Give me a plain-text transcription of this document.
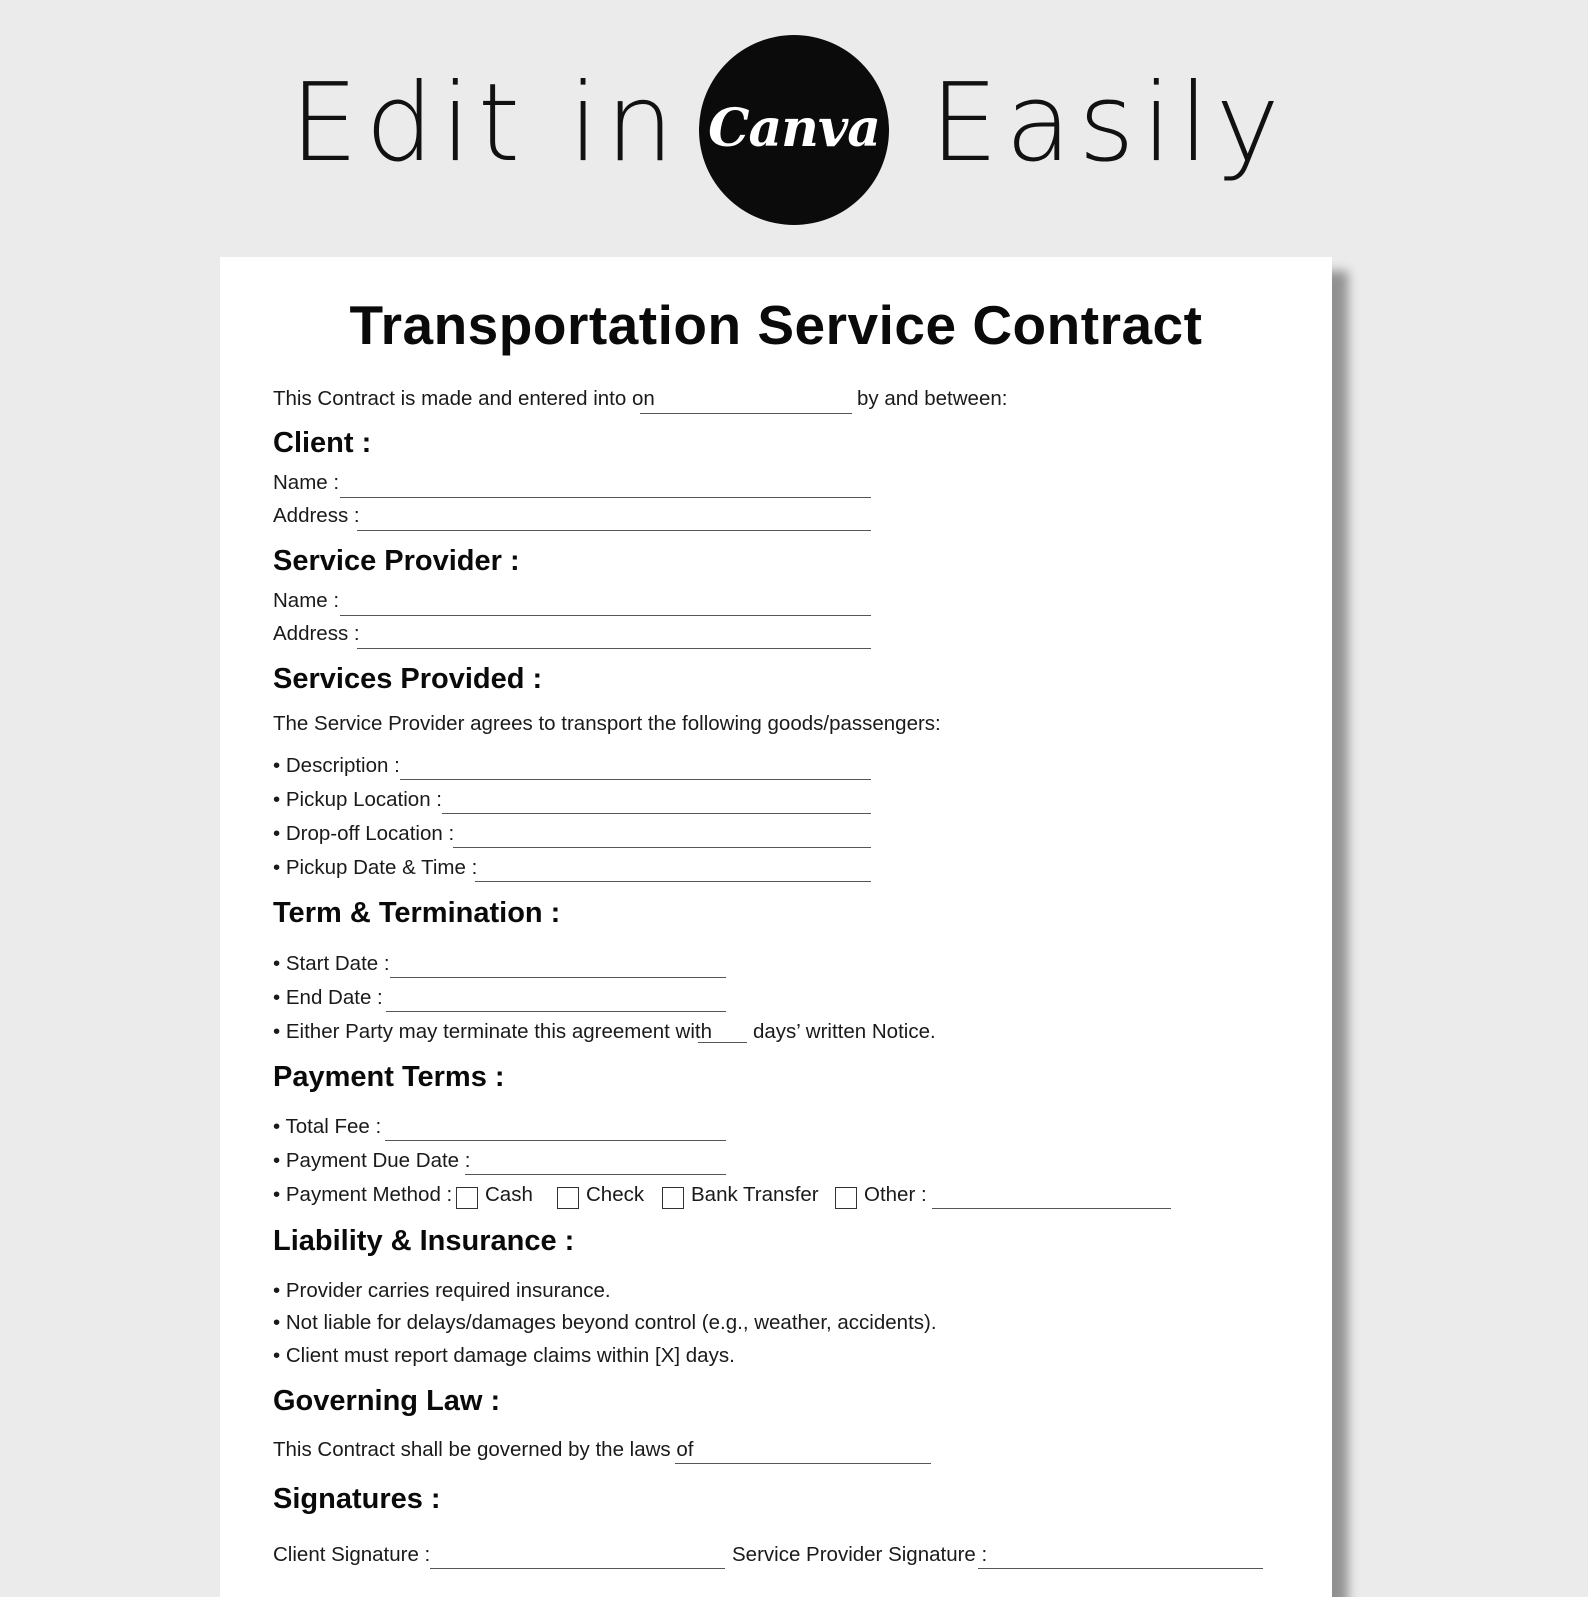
Edit in Canva Easily
Transportation Service Contract
This Contract is made and entered into on	by and between:
Client :
Name :
Address :
Service Provider :
Name :
Address :
Services Provided :
The Service Provider agrees to transport the following goods/passengers:
• Description :
• Pickup Location :
• Drop-off Location :
• Pickup Date & Time :
Term & Termination :
• Start Date :
• End Date :
• Either Party may terminate this agreement with days’ written Notice.
Payment Terms :
• Total Fee :
• Payment Due Date :
• Payment Method : Cash	Check Bank Transfer Other :
Liability & Insurance :
• Provider carries required insurance.
• Not liable for delays/damages beyond control (e.g., weather, accidents).
• Client must report damage claims within [X] days.
Governing Law :
This Contract shall be governed by the laws of
Signatures :
Client Signature :	Service Provider Signature :
